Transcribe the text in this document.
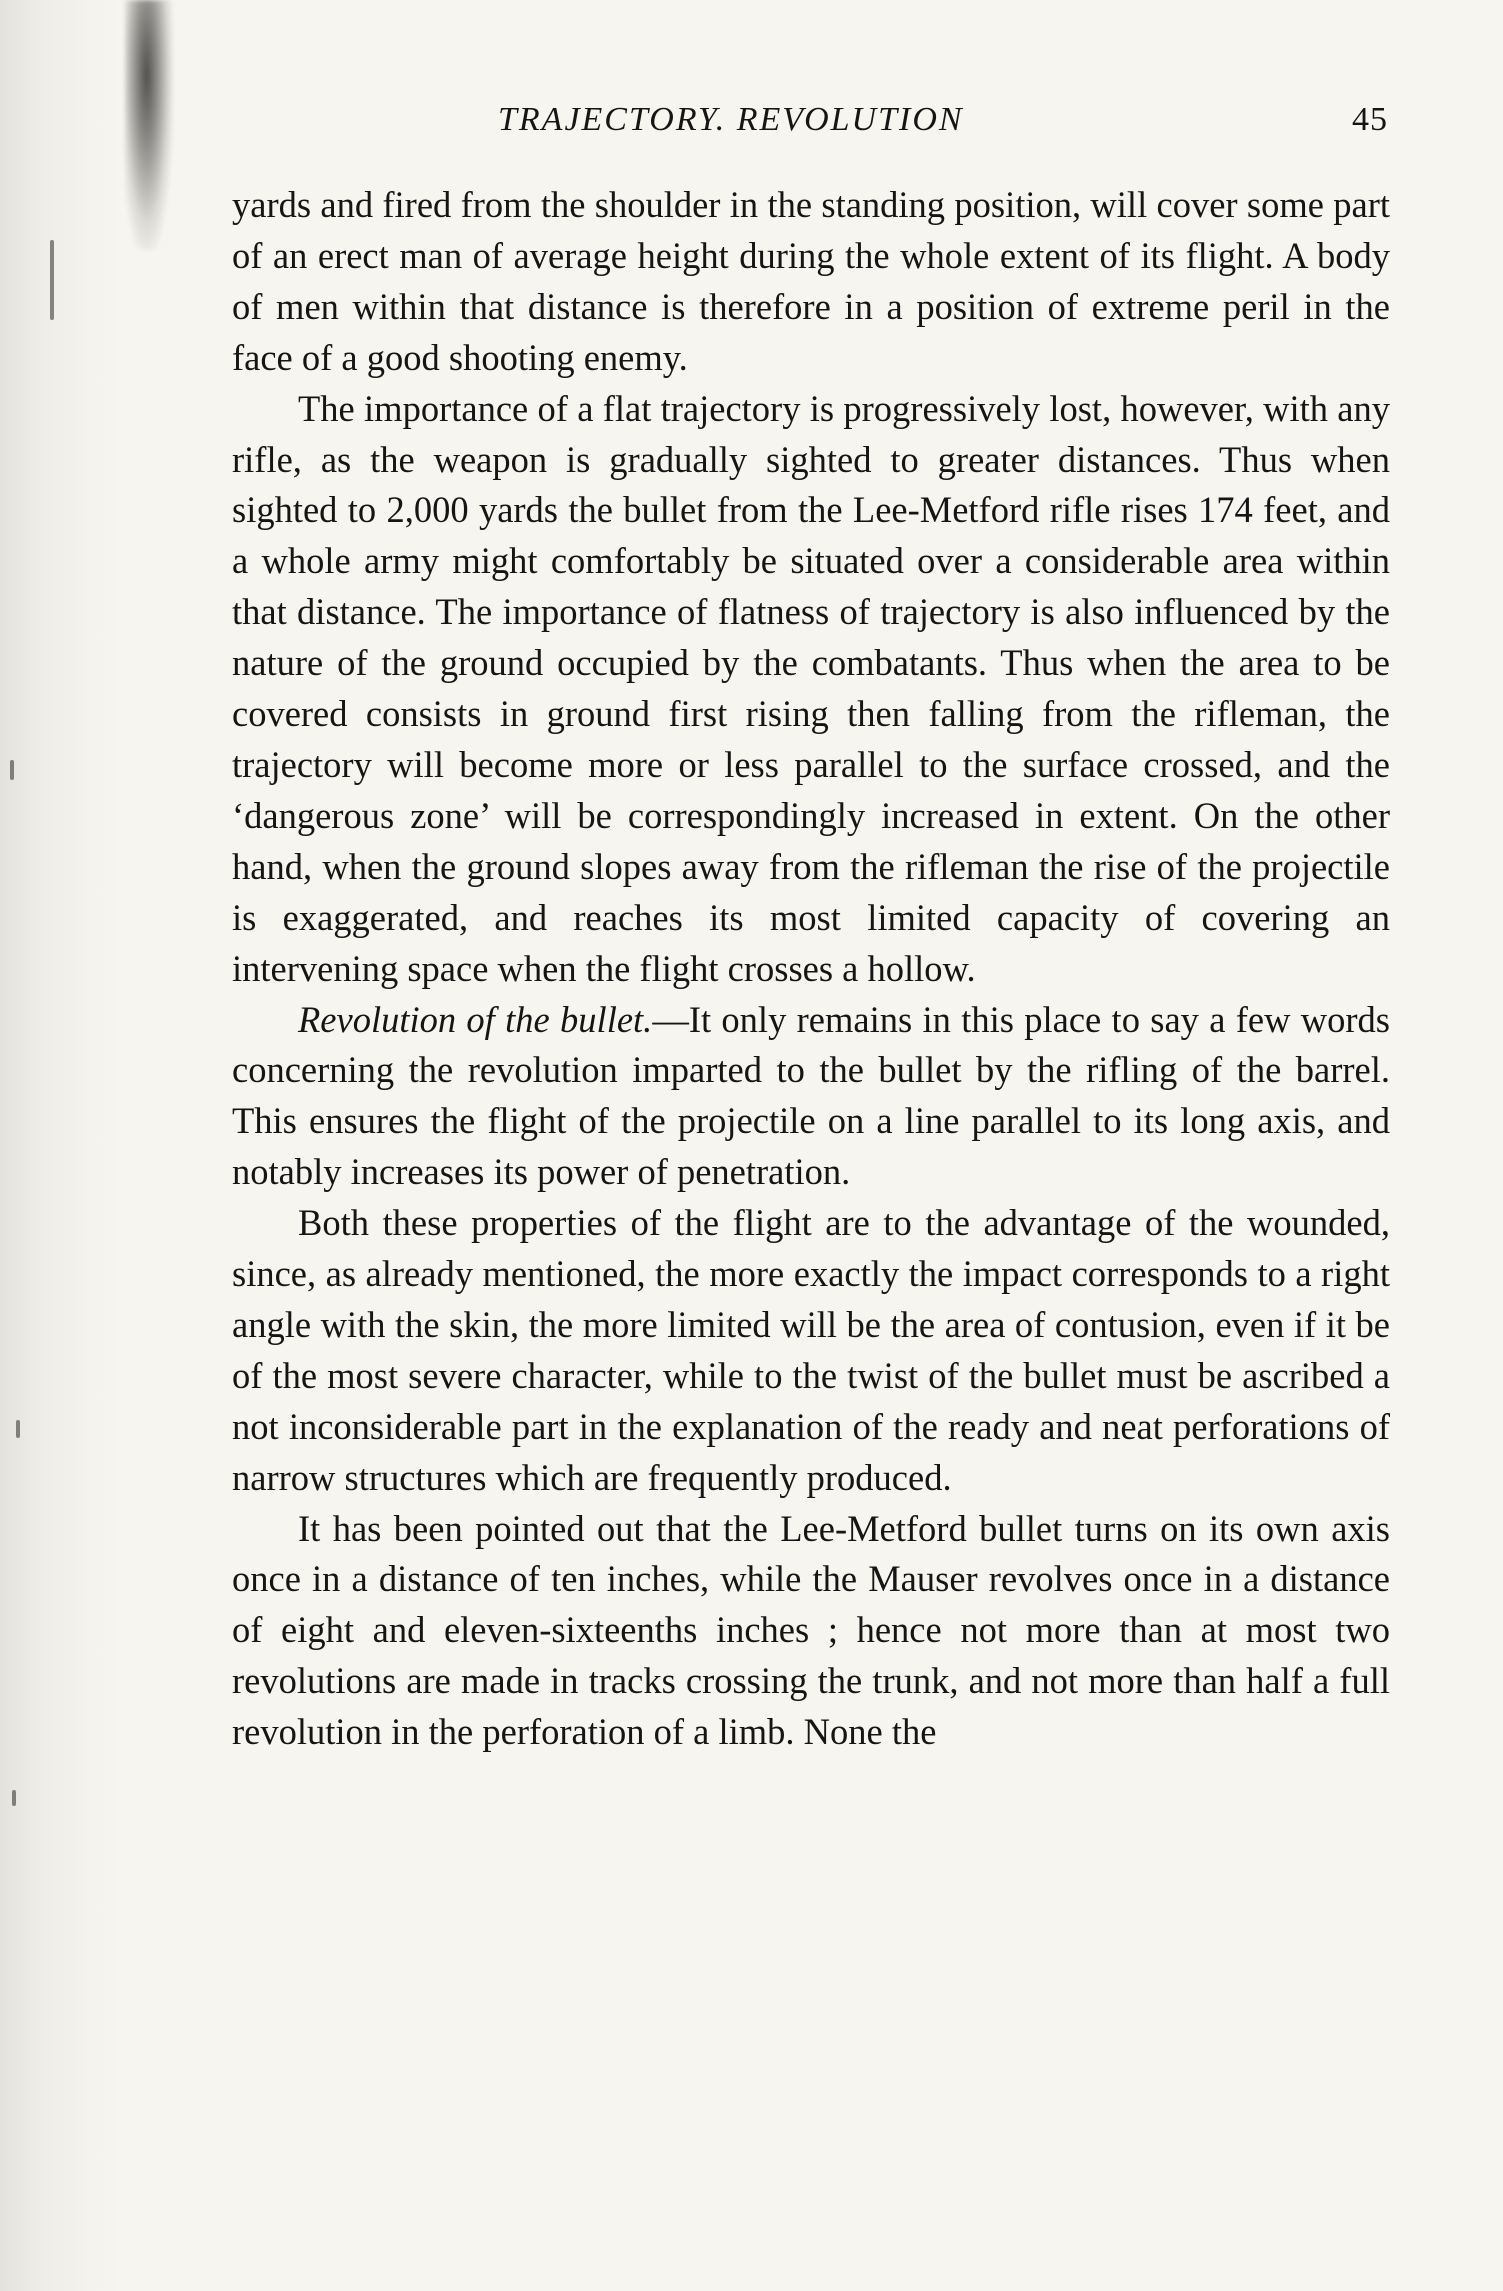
TRAJECTORY. REVOLUTION	45

yards and fired from the shoulder in the standing position, will cover some part of an erect man of average height during the whole extent of its flight. A body of men within that distance is therefore in a position of extreme peril in the face of a good shooting enemy.

The importance of a flat trajectory is progressively lost, however, with any rifle, as the weapon is gradually sighted to greater distances. Thus when sighted to 2,000 yards the bullet from the Lee-Metford rifle rises 174 feet, and a whole army might comfortably be situated over a considerable area within that distance. The importance of flatness of trajectory is also influenced by the nature of the ground occupied by the combatants. Thus when the area to be covered consists in ground first rising then falling from the rifleman, the trajectory will become more or less parallel to the surface crossed, and the ‘dangerous zone’ will be correspondingly increased in extent. On the other hand, when the ground slopes away from the rifleman the rise of the projectile is exaggerated, and reaches its most limited capacity of covering an intervening space when the flight crosses a hollow.

Revolution of the bullet.—It only remains in this place to say a few words concerning the revolution imparted to the bullet by the rifling of the barrel. This ensures the flight of the projectile on a line parallel to its long axis, and notably increases its power of penetration.

Both these properties of the flight are to the advantage of the wounded, since, as already mentioned, the more exactly the impact corresponds to a right angle with the skin, the more limited will be the area of contusion, even if it be of the most severe character, while to the twist of the bullet must be ascribed a not inconsiderable part in the explanation of the ready and neat perforations of narrow structures which are frequently produced.

It has been pointed out that the Lee-Metford bullet turns on its own axis once in a distance of ten inches, while the Mauser revolves once in a distance of eight and eleven-sixteenths inches ; hence not more than at most two revolutions are made in tracks crossing the trunk, and not more than half a full revolution in the perforation of a limb. None the
